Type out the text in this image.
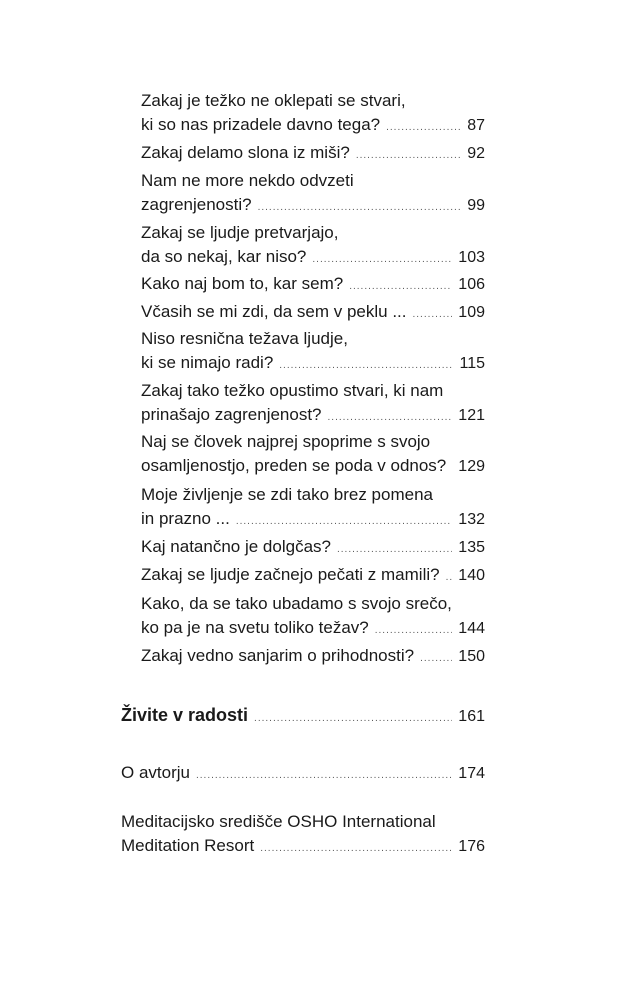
Zakaj je težko ne oklepati se stvari,
ki so nas prizadele davno tega? .....	87
Zakaj delamo slona iz miši? .....	92
Nam ne more nekdo odvzeti
zagrenjenosti? .....	99
Zakaj se ljudje pretvarjajo,
da so nekaj, kar niso? .....	103
Kako naj bom to, kar sem? .....	106
Včasih se mi zdi, da sem v peklu ... .....	109
Niso resnična težava ljudje,
ki se nimajo radi? .....	115
Zakaj tako težko opustimo stvari, ki nam
prinašajo zagrenjenost? .....	121
Naj se človek najprej spoprime s svojo
osamljenostjo, preden se poda v odnos? ..... 129
Moje življenje se zdi tako brez pomena
in prazno ... .....	132
Kaj natančno je dolgčas? .....	135
Zakaj se ljudje začnejo pečati z mamili? ..... 140
Kako, da se tako ubadamo s svojo srečo,
ko pa je na svetu toliko težav? .....	144
Zakaj vedno sanjarim o prihodnosti? .....	150
Živite v radosti .....	161
O avtorju .....	174
Meditacijsko središče OSHO International
Meditation Resort .....	176
